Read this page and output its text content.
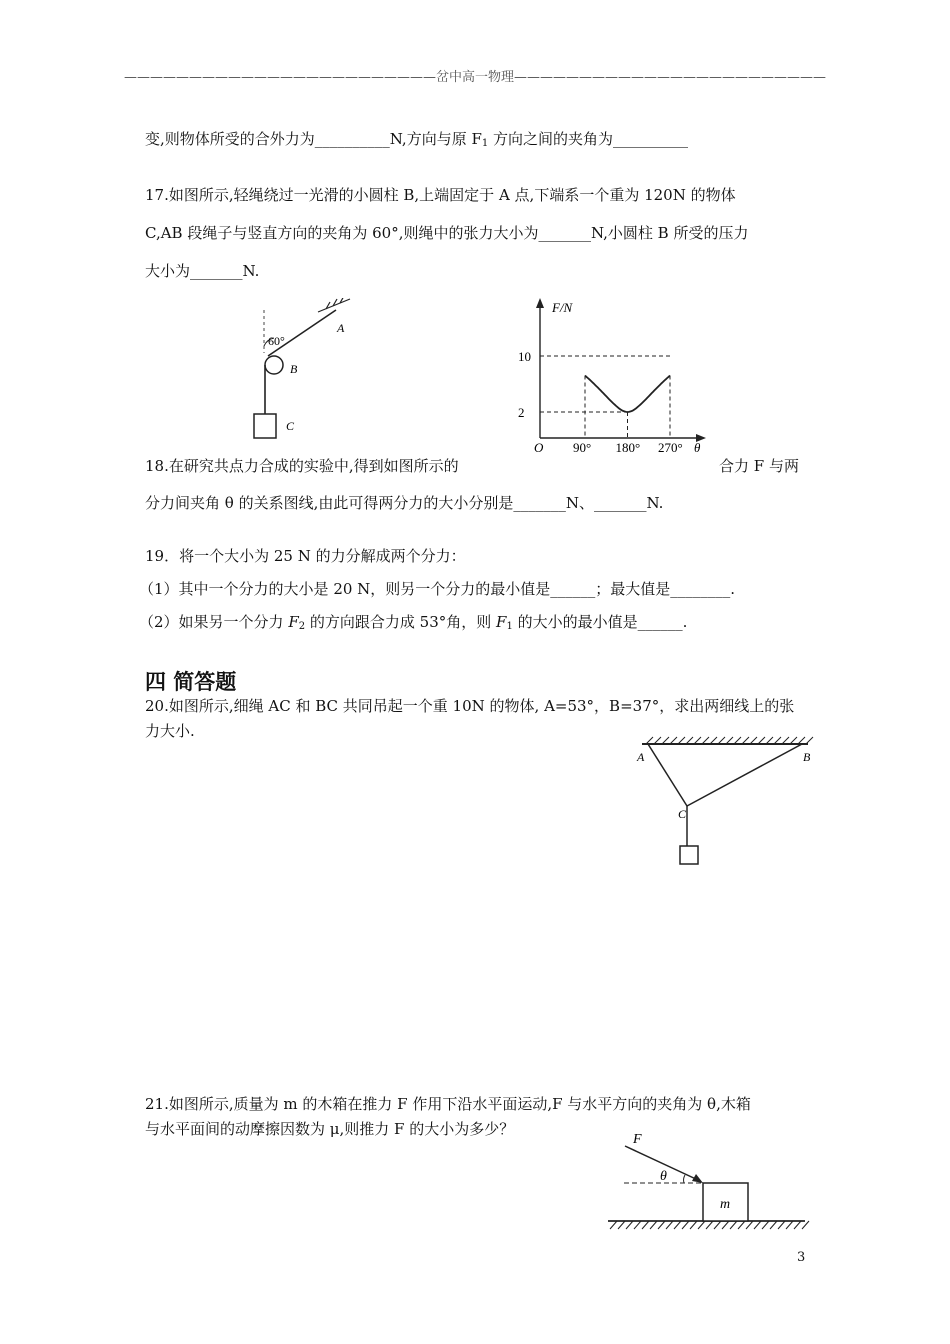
————————————————————————岔中高一物理————————————————————————
变,则物体所受的合外力为__________N,方向与原 $F_1$ 方向之间的夹角为__________
17.如图所示,轻绳绕过一光滑的小圆柱 B,上端固定于 A 点,下端系一个重为 120N 的物体
C,AB 段绳子与竖直方向的夹角为 60°,则绳中的张力大小为_______N,小圆柱 B 所受的压力
大小为_______N.
60°
A
B
C
F/N
O	θ
10
2
90° 180° 270°
18.在研究共点力合成的实验中,得到如图所示的	合力 F 与两
分力间夹角 θ 的关系图线,由此可得两分力的大小分别是_______N、_______N.
19．将一个大小为 25 N 的力分解成两个分力：
（1）其中一个分力的大小是 20 N，则另一个分力的最小值是______；最大值是________.
（2）如果另一个分力 $F_2$ 的方向跟合力成 53°角，则 $F_1$ 的大小的最小值是______.
四 简答题
20.如图所示,细绳 AC 和 BC 共同吊起一个重 10N 的物体, A=53°，B=37°，求出两细线上的张
力大小.
A	B
C
21.如图所示,质量为 m 的木箱在推力 F 作用下沿水平面运动,F 与水平方向的夹角为 θ,木箱
与水平面间的动摩擦因数为 μ,则推力 F 的大小为多少？
F
θ
m
3
